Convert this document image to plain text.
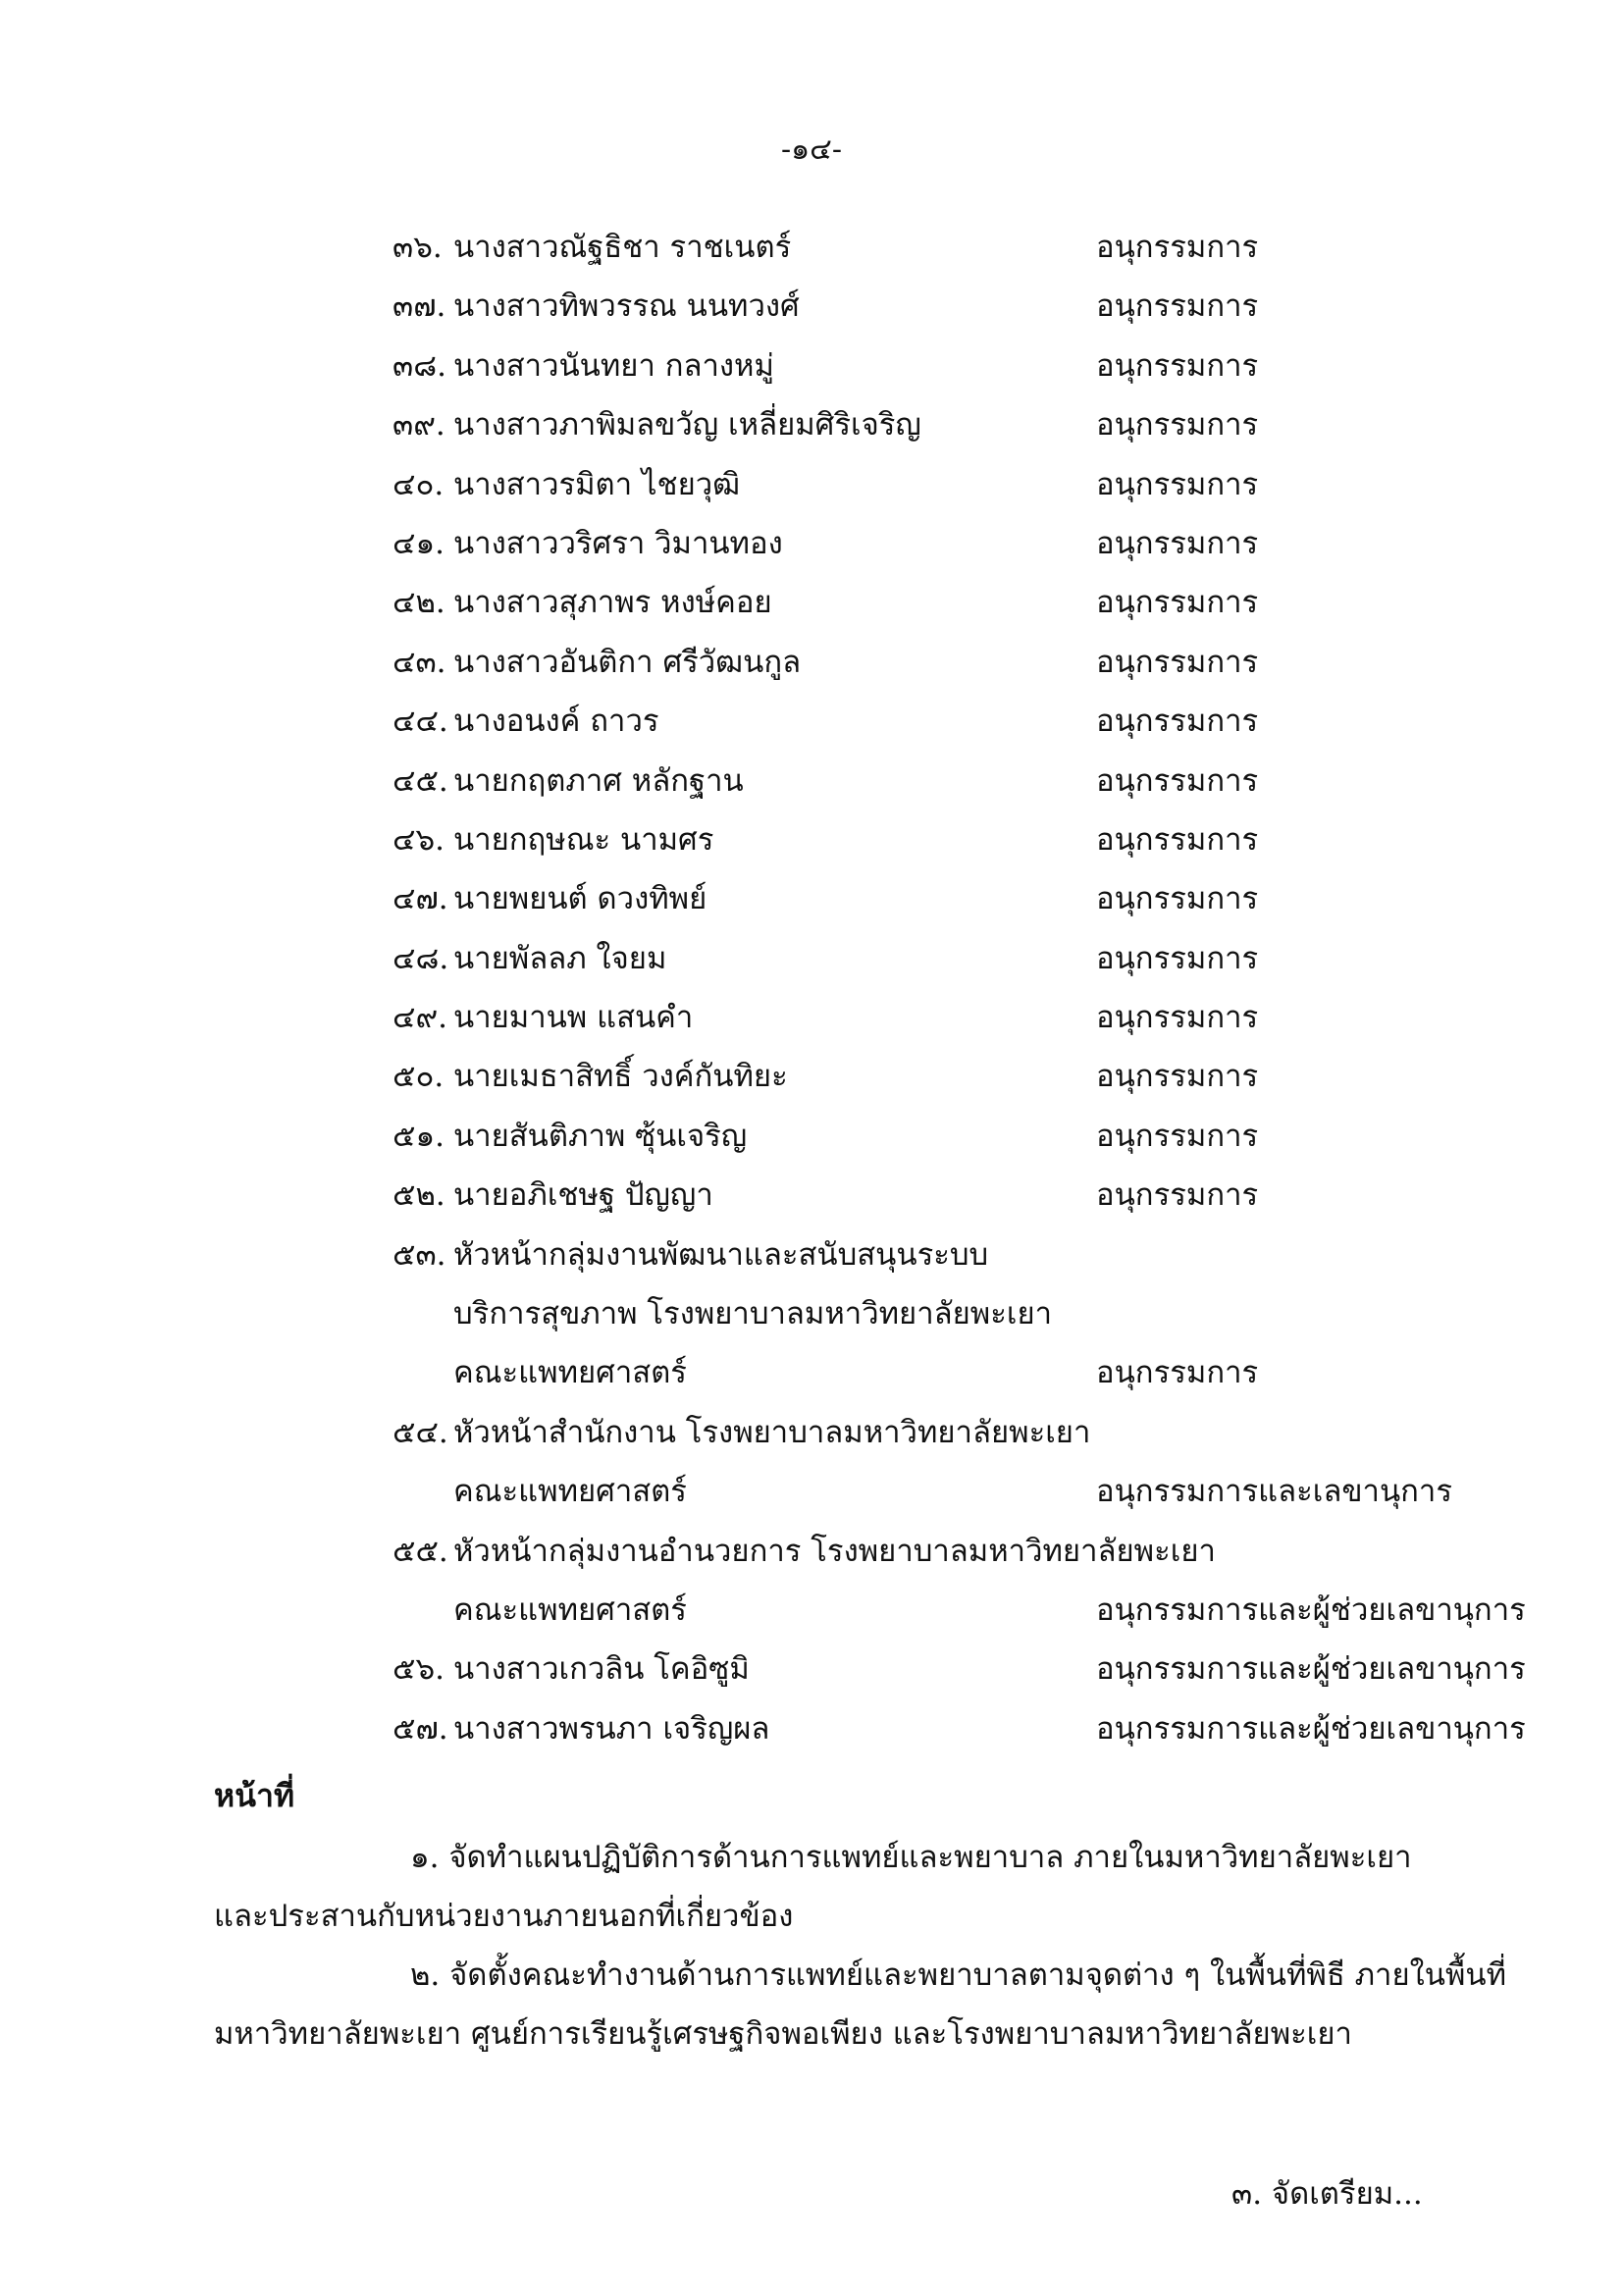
-๑๔-
๓๖. นางสาวณัฐธิชา ราชเนตร์	อนุกรรมการ
๓๗. นางสาวทิพวรรณ นนทวงศ์	อนุกรรมการ
๓๘. นางสาวนันทยา กลางหมู่	อนุกรรมการ
๓๙. นางสาวภาพิมลขวัญ เหลี่ยมศิริเจริญ	อนุกรรมการ
๔๐. นางสาวรมิตา ไชยวุฒิ	อนุกรรมการ
๔๑. นางสาววริศรา วิมานทอง	อนุกรรมการ
๔๒. นางสาวสุภาพร หงษ์คอย	อนุกรรมการ
๔๓. นางสาวอันติกา ศรีวัฒนกูล	อนุกรรมการ
๔๔. นางอนงค์ ถาวร	อนุกรรมการ
๔๕. นายกฤตภาศ หลักฐาน	อนุกรรมการ
๔๖. นายกฤษณะ นามศร	อนุกรรมการ
๔๗. นายพยนต์ ดวงทิพย์	อนุกรรมการ
๔๘. นายพัลลภ ใจยม	อนุกรรมการ
๔๙. นายมานพ แสนคำ	อนุกรรมการ
๕๐. นายเมธาสิทธิ์ วงค์กันทิยะ	อนุกรรมการ
๕๑. นายสันติภาพ ซุ้นเจริญ	อนุกรรมการ
๕๒. นายอภิเชษฐ ปัญญา	อนุกรรมการ
๕๓. หัวหน้ากลุ่มงานพัฒนาและสนับสนุนระบบ
บริการสุขภาพ โรงพยาบาลมหาวิทยาลัยพะเยา
คณะแพทยศาสตร์	อนุกรรมการ
๕๔. หัวหน้าสำนักงาน โรงพยาบาลมหาวิทยาลัยพะเยา
คณะแพทยศาสตร์	อนุกรรมการและเลขานุการ
๕๕. หัวหน้ากลุ่มงานอำนวยการ โรงพยาบาลมหาวิทยาลัยพะเยา
คณะแพทยศาสตร์	อนุกรรมการและผู้ช่วยเลขานุการ
๕๖. นางสาวเกวลิน โคอิซูมิ	อนุกรรมการและผู้ช่วยเลขานุการ
๕๗. นางสาวพรนภา เจริญผล	อนุกรรมการและผู้ช่วยเลขานุการ
หน้าที่
๑. จัดทำแผนปฏิบัติการด้านการแพทย์และพยาบาล ภายในมหาวิทยาลัยพะเยา
และประสานกับหน่วยงานภายนอกที่เกี่ยวข้อง
๒. จัดตั้งคณะทำงานด้านการแพทย์และพยาบาลตามจุดต่าง ๆ ในพื้นที่พิธี ภายในพื้นที่
มหาวิทยาลัยพะเยา ศูนย์การเรียนรู้เศรษฐกิจพอเพียง และโรงพยาบาลมหาวิทยาลัยพะเยา
๓. จัดเตรียม...
